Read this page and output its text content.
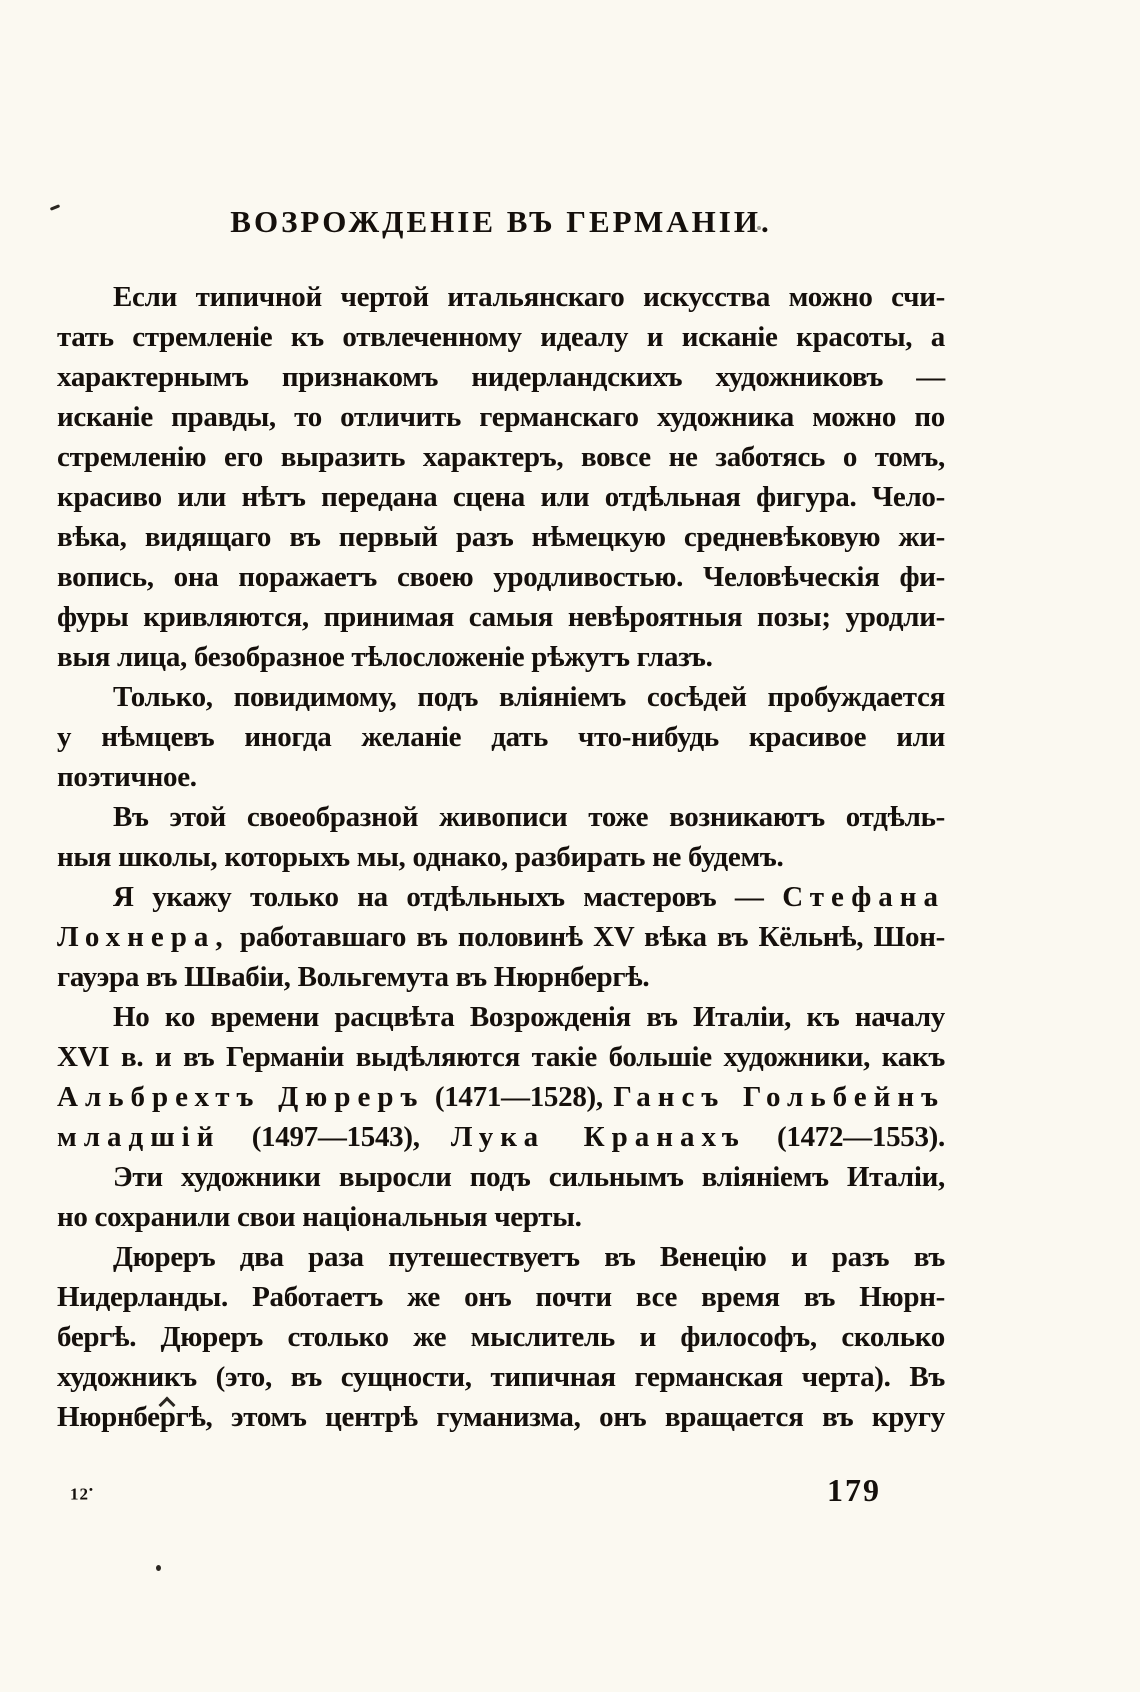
ВОЗРОЖДЕНІЕ ВЪ ГЕРМАНІИ.
Если типичной чертой итальянскаго искусства можно счи-
тать стремленіе къ отвлеченному идеалу и исканіе красоты, а
характернымъ признакомъ нидерландскихъ художниковъ —
исканіе правды, то отличить германскаго художника можно по
стремленію его выразить характеръ, вовсе не заботясь о томъ,
красиво или нѣтъ передана сцена или отдѣльная фигура. Чело-
вѣка, видящаго въ первый разъ нѣмецкую средневѣковую жи-
вопись, она поражаетъ своею уродливостью. Человѣческія фи-
фуры кривляются, принимая самыя невѣроятныя позы; уродли-
выя лица, безобразное тѣлосложеніе рѣжутъ глазъ.
Только, повидимому, подъ вліяніемъ сосѣдей пробуждается
у нѣмцевъ иногда желаніе дать что-нибудь красивое или
поэтичное.
Въ этой своеобразной живописи тоже возникаютъ отдѣль-
ныя школы, которыхъ мы, однако, разбирать не будемъ.
Я укажу только на отдѣльныхъ мастеровъ — Стефана
Лохнера, работавшаго въ половинѣ XV вѣка въ Кёльнѣ, Шон-
гауэра въ Швабіи, Вольгемута въ Нюрнбергѣ.
Но ко времени расцвѣта Возрожденія въ Италіи, къ началу
XVI в. и въ Германіи выдѣляются такіе большіе художники, какъ
Альбрехтъ Дюреръ (1471—1528), Гансъ Гольбейнъ
младшій (1497—1543), Лука Кранахъ (1472—1553).
Эти художники выросли подъ сильнымъ вліяніемъ Италіи,
но сохранили свои національныя черты.
Дюреръ два раза путешествуетъ въ Венецію и разъ въ
Нидерланды. Работаетъ же онъ почти все время въ Нюрн-
бергѣ. Дюреръ столько же мыслитель и философъ, сколько
художникъ (это, въ сущности, типичная германская черта). Въ
Нюрнбергѣ, этомъ центрѣ гуманизма, онъ вращается въ кругу
12•	179
